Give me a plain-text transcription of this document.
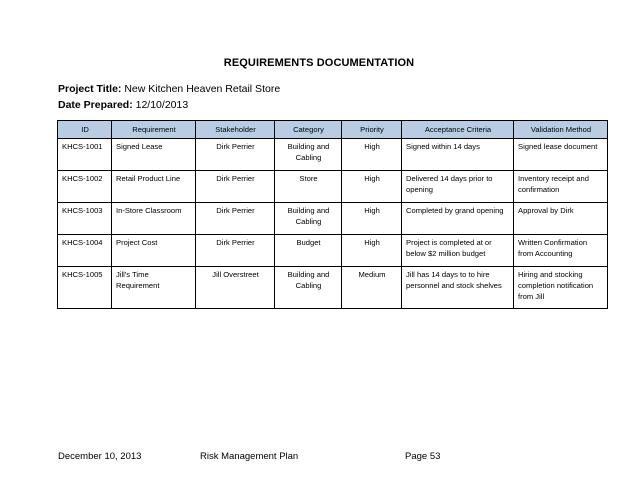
REQUIREMENTS DOCUMENTATION
Project Title: New Kitchen Heaven Retail Store
Date Prepared: 12/10/2013
ID	Requirement	Stakeholder	Category	Priority	Acceptance Criteria	Validation Method
KHCS-1001	Signed Lease	Dirk Perrier	Building and Cabling	High	Signed within 14 days	Signed lease document
KHCS-1002	Retail Product Line	Dirk Perrier	Store	High	Delivered 14 days prior to opening	Inventory receipt and confirmation
KHCS-1003	In-Store Classroom	Dirk Perrier	Building and Cabling	High	Completed by grand opening	Approval by Dirk
KHCS-1004	Project Cost	Dirk Perrier	Budget	High	Project is completed at or below $2 million budget	Written Confirmation from Accounting
KHCS-1005	Jill's Time Requirement	Jill Overstreet	Building and Cabling	Medium	Jill has 14 days to to hire personnel and stock shelves	Hiring and stocking completion notification from Jill
December 10, 2013	Risk Management Plan	Page 53
